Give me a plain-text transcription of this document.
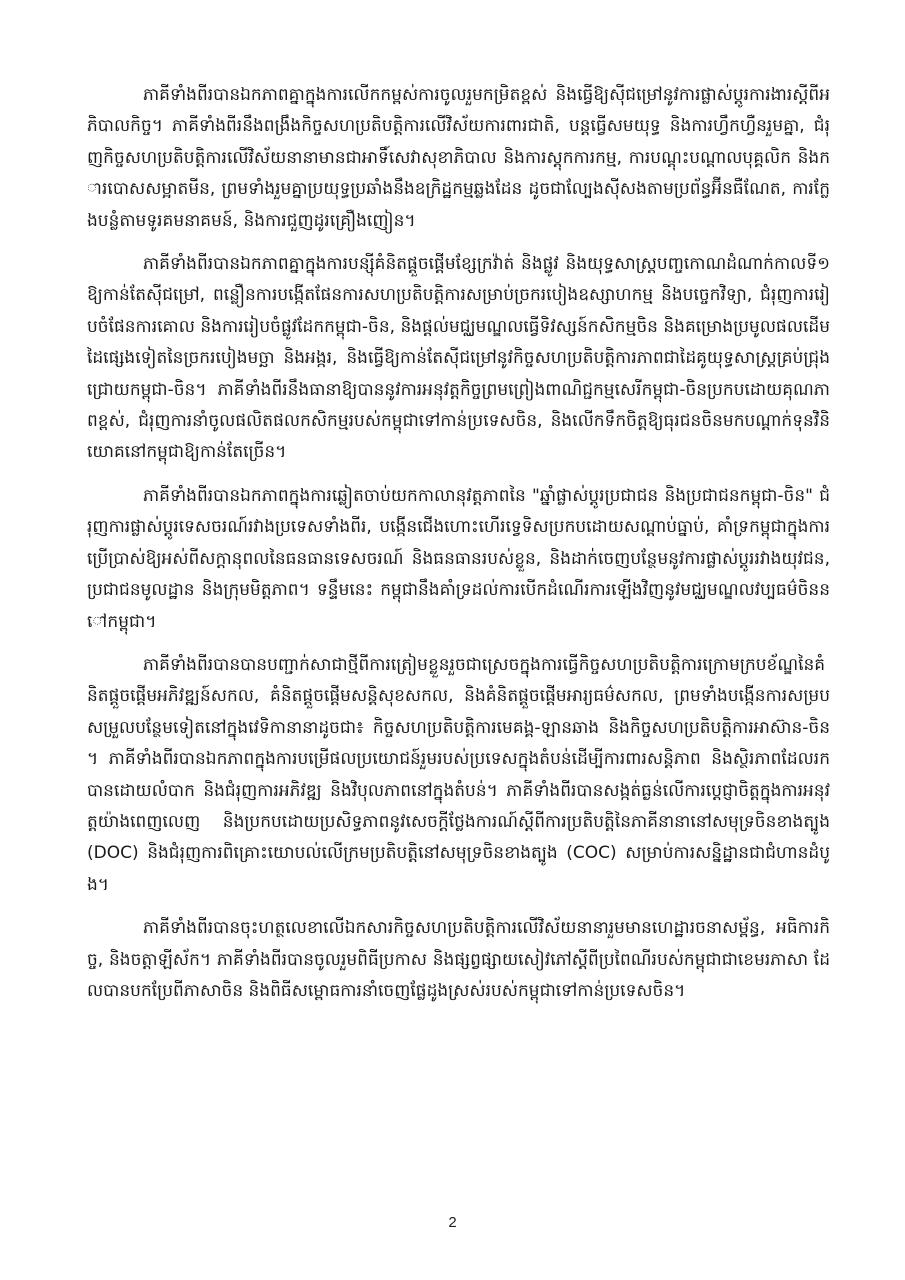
ភាគីទាំងពីរបានឯកភាពគ្នាក្នុងការលើកកម្ពស់ការចូលរួមកម្រិតខ្ពស់ និងធ្វើឱ្យស៊ីជម្រៅនូវការផ្លាស់ប្តូរការងារស្តីពីអភិបាលកិច្ច។ ភាគីទាំងពីរនឹងពង្រឹងកិច្ចសហប្រតិបត្តិការលើវិស័យការពារជាតិ, បន្តធ្វើសមយុទ្ធ និងការហ្វឹកហ្វឺនរួមគ្នា, ជំរុញកិច្ចសហប្រតិបត្តិការលើវិស័យនានាមានជាអាទិ៍សេវាសុខាភិបាល និងការស្តុកការកម្ម, ការបណ្តុះបណ្តាលបុគ្គលិក និងការបោសសម្អាតមីន, ព្រមទាំងរួមគ្នាប្រយុទ្ធប្រឆាំងនឹងឧក្រិដ្ឋកម្មឆ្លងដែន ដូចជាល្បែងស៊ីសងតាមប្រព័ន្ធអ៊ីនធឺណែត, ការក្លែងបន្លំតាមទូរគមនាគមន៍, និងការជួញដូរគ្រឿងញៀន។

ភាគីទាំងពីរបានឯកភាពគ្នាក្នុងការបន្សុីគំនិតផ្តួចផ្តើមខ្សែក្រវ៉ាត់ និងផ្លូវ និងយុទ្ធសាស្ត្របញ្ចកោណដំណាក់កាលទី១ ឱ្យកាន់តែស៊ីជម្រៅ, ពន្លឿនការបង្កើតផែនការសហប្រតិបត្តិការសម្រាប់ច្រករបៀងឧស្សាហកម្ម និងបច្ចេកវិទ្យា, ជំរុញការរៀបចំផែនការគោល និងការរៀបចំផ្លូវដែកកម្ពុជា-ចិន, និងផ្តល់មជ្ឈមណ្ឌលធ្វើទិវស្សន៍កសិកម្មចិន និងគម្រោងប្រមូលផលដើមដៃផ្សេងទៀតនៃច្រករបៀងមច្ឆា និងអង្ករ, និងធ្វើឱ្យកាន់តែស៊ីជម្រៅនូវកិច្ចសហប្រតិបត្តិការភាពជាដៃគូយុទ្ធសាស្ត្រគ្រប់ជ្រុងជ្រោយកម្ពុជា-ចិន។ ភាគីទាំងពីរនឹងធានាឱ្យបាននូវការអនុវត្តកិច្ចព្រមព្រៀងពាណិជ្ជកម្មសេរីកម្ពុជា-ចិនប្រកបដោយគុណភាពខ្ពស់, ជំរុញការនាំចូលផលិតផលកសិកម្មរបស់កម្ពុជាទៅកាន់ប្រទេសចិន, និងលើកទឹកចិត្តឱ្យធុរជនចិនមកបណ្តាក់ទុនវិនិយោគនៅកម្ពុជាឱ្យកាន់តែច្រើន។

ភាគីទាំងពីរបានឯកភាពក្នុងការឆ្លៀតចាប់យកកាលានុវត្តភាពនៃ "ឆ្នាំផ្លាស់ប្តូរប្រជាជន និងប្រជាជនកម្ពុជា-ចិន" ជំរុញការផ្លាស់ប្តូរទេសចរណ៍រវាងប្រទេសទាំងពីរ, បង្កើនជើងហោះហើរទេ្វទិសប្រកបដោយសណ្តាប់ធ្នាប់, គាំទ្រកម្ពុជាក្នុងការប្រើប្រាស់ឱ្យអស់ពីសក្តានុពលនៃធនធានទេសចរណ៍ និងធនធានរបស់ខ្លួន, និងដាក់ចេញបន្ថែមនូវការផ្លាស់ប្តូររវាងយុវជន, ប្រជាជនមូលដ្ឋាន និងក្រុមមិត្តភាព។ ទន្ទឹមនេះ កម្ពុជានឹងគាំទ្រដល់ការបើកដំណើរការឡើងវិញនូវមជ្ឈមណ្ឌលវប្បធម៌ចិននៅកម្ពុជា។

ភាគីទាំងពីរបានបានបញ្ជាក់សាជាថ្មីពីការត្រៀមខ្លួនរួចជាស្រេចក្នុងការធ្វើកិច្ចសហប្រតិបត្តិការក្រោមក្របខ័ណ្ឌនៃគំនិតផ្តួចផ្តើមអភិវឌ្ឍន៍សកល, គំនិតផ្តួចផ្តើមសន្តិសុខសកល, និងគំនិតផ្តួចផ្តើមអារ្យធម៌សកល, ព្រមទាំងបង្កើនការសម្របសម្រួលបន្ថែមទៀតនៅក្នុងវេទិកានានាដូចជា៖ កិច្ចសហប្រតិបត្តិការមេគង្គ-ឡានឆាង និងកិច្ចសហប្រតិបត្តិការអាស៊ាន-ចិន។ ភាគីទាំងពីរបានឯកភាពក្នុងការបម្រើផលប្រយោជន៍រួមរបស់ប្រទេសក្នុងតំបន់ដើម្បីការពារសន្តិភាព និងស្ថិរភាពដែលរកបានដោយលំបាក និងជំរុញការអភិវឌ្ឍ និងវិបុលភាពនៅក្នុងតំបន់។ ភាគីទាំងពីរបានសង្កត់ធ្ងន់លើការប្តេជ្ញាចិត្តក្នុងការអនុវត្តយ៉ាងពេញលេញ និងប្រកបដោយប្រសិទ្ធភាពនូវសេចក្តីថ្លែងការណ៍ស្តីពីការប្រតិបត្តិនៃភាគីនានានៅសមុទ្រចិនខាងត្បូង (DOC) និងជំរុញការពិគ្រោះយោបល់លើក្រមប្រតិបត្តិនៅសមុទ្រចិនខាងត្បូង (COC) សម្រាប់ការសន្និដ្ឋានជាជំហានដំបូង។

ភាគីទាំងពីរបានចុះហត្ថលេខាលើឯកសារកិច្ចសហប្រតិបត្តិការលើវិស័យនានារួមមានហេដ្ឋារចនាសម្ព័ន្ធ, អធិការកិច្ច, និងចត្តាឡីស័ក។ ភាគីទាំងពីរបានចូលរួមពិធីប្រកាស និងផ្សព្វផ្សាយសៀវភៅស្តីពីប្រពៃណីរបស់កម្ពុជាជាខេមរភាសា ដែលបានបកប្រែពីភាសាចិន និងពិធីសម្ពោធការនាំចេញផ្លែដូងស្រស់របស់កម្ពុជាទៅកាន់ប្រទេសចិន។

2
